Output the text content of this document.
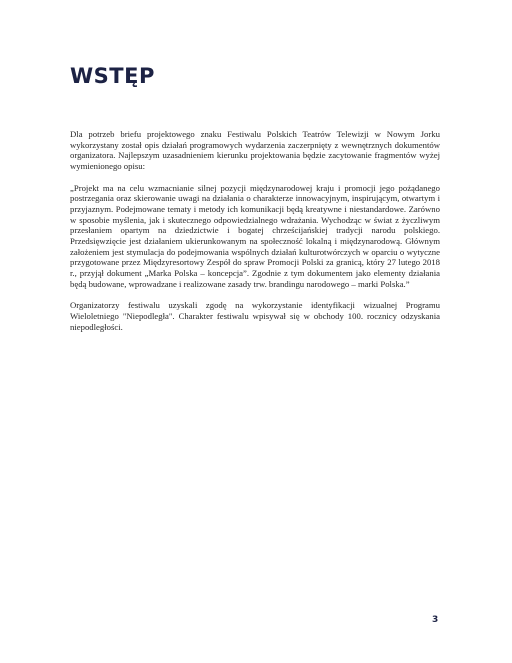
WSTĘP

Dla potrzeb briefu projektowego znaku Festiwalu Polskich Teatrów Telewizji w Nowym Jorku wykorzystany został opis działań programowych wydarzenia zaczerpnięty z wewnętrznych dokumentów organizatora. Najlepszym uzasadnieniem kierunku projektowania będzie zacytowanie fragmentów wyżej wymienionego opisu:

„Projekt ma na celu wzmacnianie silnej pozycji międzynarodowej kraju i promocji jego pożądanego postrzegania oraz skierowanie uwagi na działania o charakterze innowacyjnym, inspirującym, otwartym i przyjaznym. Podejmowane tematy i metody ich komunikacji będą kreatywne i niestandardowe. Zarówno w sposobie myślenia, jak i skutecznego odpowiedzialnego wdrażania. Wychodząc w świat z życzliwym przesłaniem opartym na dziedzictwie i bogatej chrześcijańskiej tradycji narodu polskiego. Przedsięwzięcie jest działaniem ukierunkowanym na społeczność lokalną i międzynarodową. Głównym założeniem jest stymulacja do podejmowania wspólnych działań kulturotwórczych w oparciu o wytyczne przygotowane przez Międzyresortowy Zespół do spraw Promocji Polski za granicą, który 27 lutego 2018 r., przyjął dokument „Marka Polska – koncepcja”. Zgodnie z tym dokumentem jako elementy działania będą budowane, wprowadzane i realizowane zasady trw. brandingu narodowego – marki Polska.”

Organizatorzy festiwalu uzyskali zgodę na wykorzystanie identyfikacji wizualnej Programu Wieloletniego "Niepodległa". Charakter festiwalu wpisywał się w obchody 100. rocznicy odzyskania niepodległości.

3
